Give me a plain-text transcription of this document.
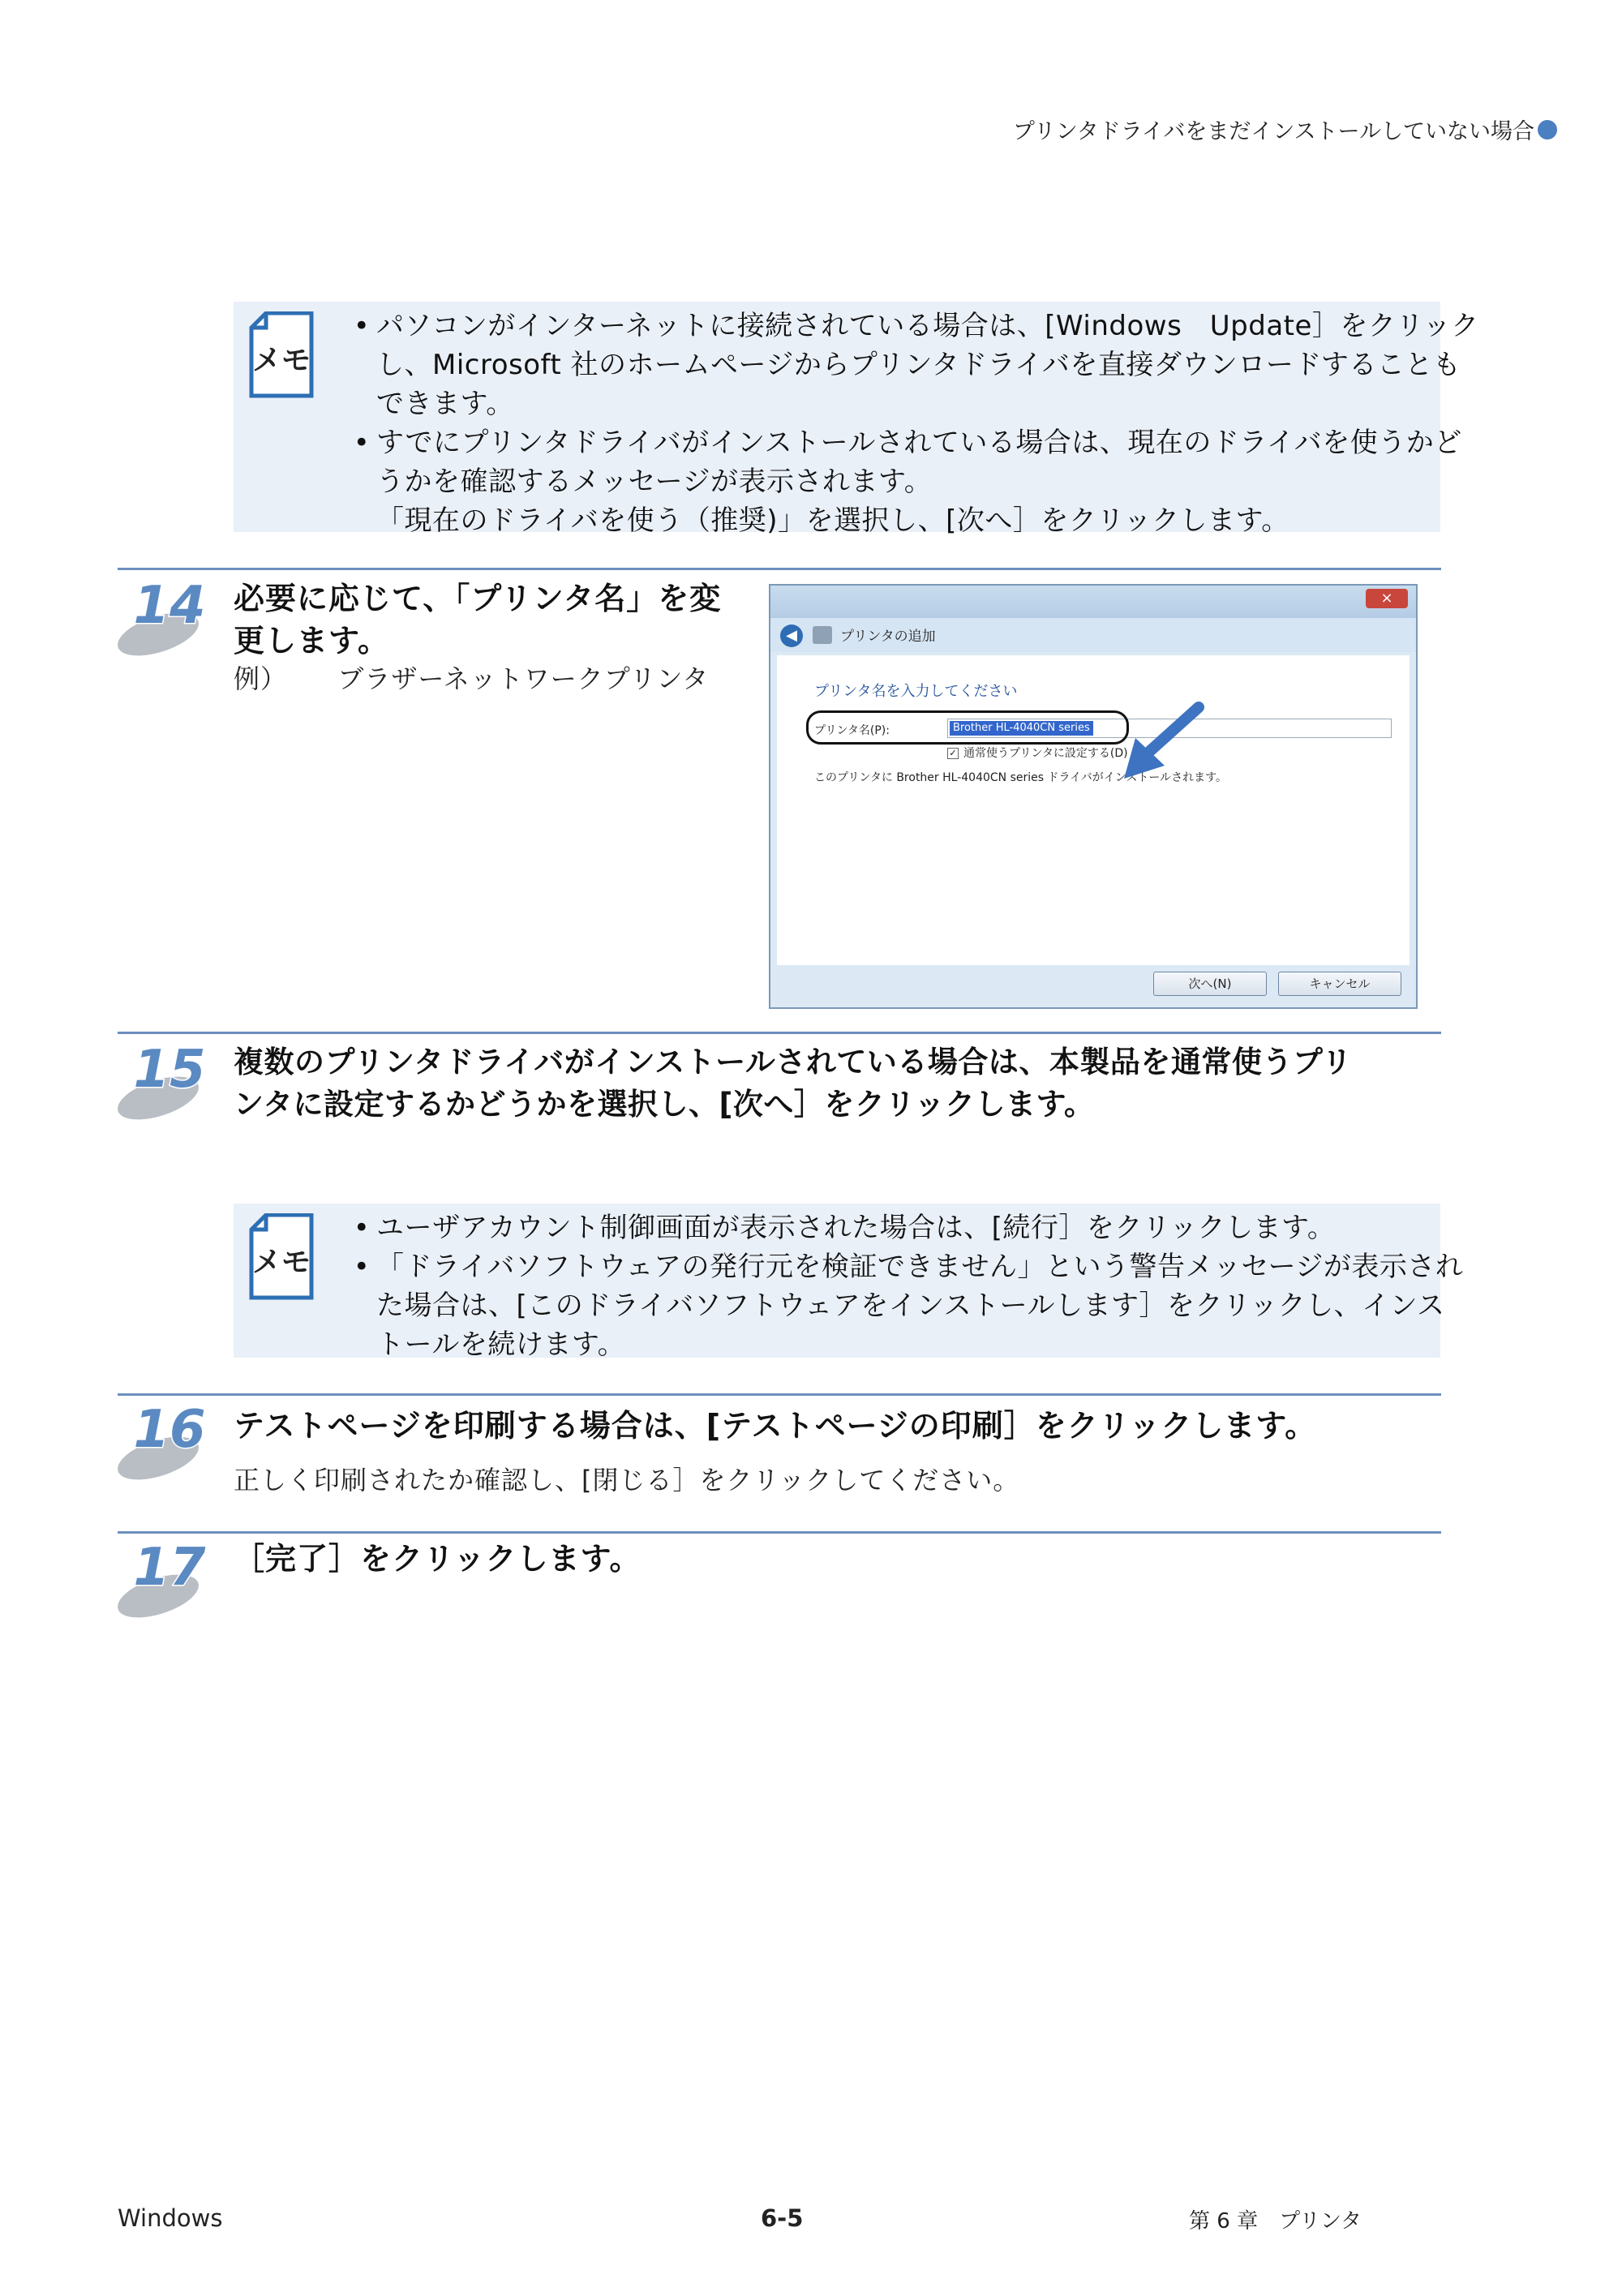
プリンタドライバをまだインストールしていない場合
メモ
• パソコンがインターネットに接続されている場合は、[Windows　Update］をクリック
し、Microsoft 社のホームページからプリンタドライバを直接ダウンロードすることも
できます。
• すでにプリンタドライバがインストールされている場合は、現在のドライバを使うかど
うかを確認するメッセージが表示されます。
「現在のドライバを使う（推奨)」を選択し、[次へ］をクリックします。
14 必要に応じて、「プリンタ名」を変
更します。
例） ブラザーネットワークプリンタ
×
◀	プリンタの追加
プリンタ名を入力してください
プリンタ名(P):	Brother HL-4040CN series
✓ 通常使うプリンタに設定する(D)
このプリンタに Brother HL-4040CN series ドライバがインストールされます。
次へ(N)	キャンセル
15 複数のプリンタドライバがインストールされている場合は、本製品を通常使うプリ
ンタに設定するかどうかを選択し、[次へ］をクリックします。
メモ
• ユーザアカウント制御画面が表示された場合は、[続行］をクリックします。
• 「ドライバソフトウェアの発行元を検証できません」という警告メッセージが表示され
た場合は、[このドライバソフトウェアをインストールします］をクリックし、インス
トールを続けます。
16 テストページを印刷する場合は、[テストページの印刷］をクリックします。
正しく印刷されたか確認し、[閉じる］をクリックしてください。
17 ［完了］をクリックします。
Windows	6-5	第 6 章　プリンタ
